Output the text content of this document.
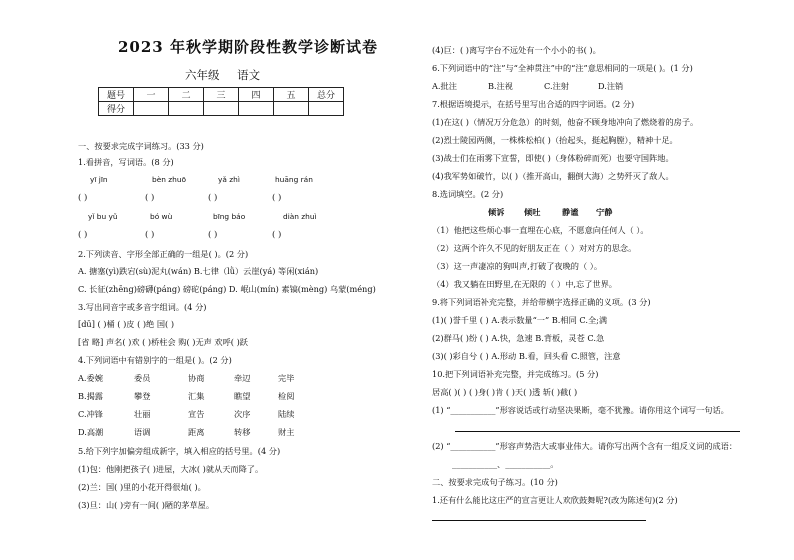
2023 年秋学期阶段性教学诊断试卷
六年级 语文
题号	一	二	三	四	五	总分
得分						
一、按要求完成字词练习。(33 分)
1.看拼音，写词语。(8 分)
yī jīn	bèn zhuō	yǎ zhì	huāng rán
( )	( )	( )	( )
yǐ bu yǔ	bó wù	bīng báo	diàn zhuì
( )	( )	( )	( )
2.下列读音、字形全部正确的一组是( )。(2 分)
A. 搪塞(yì)跌宕(sù)泥丸(wán) B.七律（lǜ）云崖(yá) 等闲(xián)
C. 长征(zhēng)磅礴(páng) 磅砣(páng) D. 岷山(mín) 素镐(mèng) 乌蒙(méng)
3.写出同音字或多音字组词。(4 分)
[dū] ( )桶 ( )皮 ( )绝 国( )
[省 略] 声名( )欢 ( )桥柱会 购( )无声 欢呼( )跃
4.下列词语中有错别字的一组是( )。(2 分)
A.委婉	委员	协商	牵辺	完毕
B.揭露	攀登	汇集	瞧望	检阅
C.冲锋	壮丽	宣告	次序	陆续
D.高潮	语调	距离	转移	财主
5.给下列字加偏旁组成新字，填入相应的括号里。(4 分)
(1)包：他刚把孩子( )进屋，大冰( )就从天而降了。
(2)兰：国( )里的小花开得很灿( )。
(3)旦：山( )旁有一间( )陋的茅草屋。
(4)巨：( )离写字台不远处有一个小小的书( )。
6.下列词语中的“注”与“全神贯注”中的“注”意思相同的一项是( )。(1 分)
A.批注	B.注视	C.注射	D.注销
7.根据语境提示，在括号里写出合适的四字词语。(2 分)
(1)在这( )（情况万分危急）的时刻，他奋不顾身地冲向了燃烧着的房子。
(2)烈士陵园两侧，一株株松柏( )（抬起头，挺起胸膛），精神十足。
(3)战士们在雨雾下宣誓，即使( )（身体粉碎而死）也要守国阵地。
(4)我军势如破竹，以( )（推开高山，翻倒大海）之势歼灭了敌人。
8.选词填空。(2 分)
倾诉 倾吐	静谧 宁静
（1）他把这些烦心事一直埋在心底，不愿意向任何人（ ）。
（2）这两个许久不见的好朋友正在（ ）对对方的思念。
（3）这一声凄凉的狗叫声,打破了夜晚的（ ）。
（4）我又躺在田野里,在无限的（ ）中,忘了世界。
9.将下列词语补充完整，并给带横字选择正确的义项。(3 分)
(1)( )誉千里 ( ) A.表示数量“一” B.相同 C.全;满
(2)群马( )纷 ( ) A.快，急速 B.背板，灵苍 C.急
(3)( )彩自兮 ( ) A.形动 B.看，回头看 C.照管，注意
10.把下列词语补充完整，并完成练习。(5 分)
居高( )( ) ( )身( )肯 ( )天( )透 斩( )截( )
(1) “___________”形容说话或行动坚决果断，毫不犹豫。请你用这个词写一句话。
(2) “___________”形容声势浩大或事业伟大。请你写出两个含有一组反义词的成语：
___________、___________。
二、按要求完成句子练习。(10 分)
1.还有什么能比这庄严的宣言更让人欢欣鼓舞呢?(改为陈述句)(2 分)
